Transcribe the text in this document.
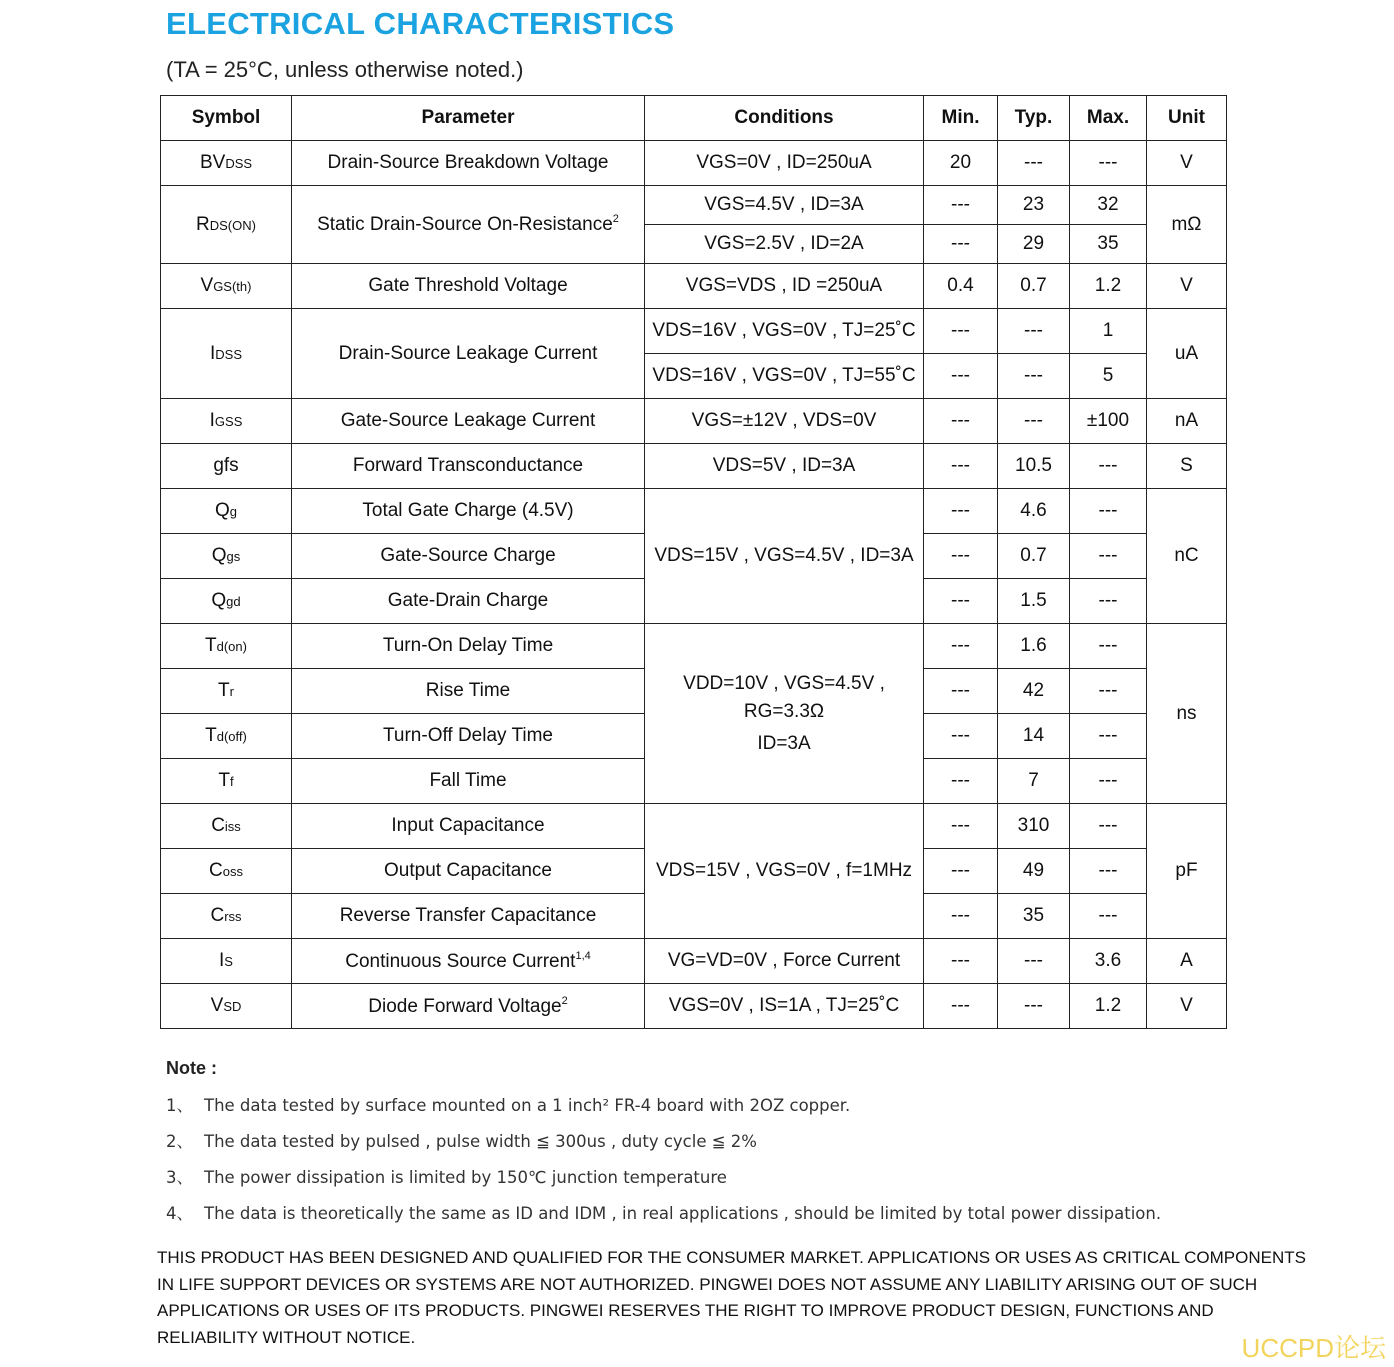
ELECTRICAL CHARACTERISTICS
(TA = 25°C, unless otherwise noted.)
Symbol	Parameter	Conditions	Min.	Typ.	Max.	Unit
BVDSS	Drain-Source Breakdown Voltage	VGS=0V , ID=250uA	20	---	---	V
RDS(ON)	Static Drain-Source On-Resistance$^2$	VGS=4.5V , ID=3A	---	23	32	mΩ
		VGS=2.5V , ID=2A	---	29	35	
VGS(th)	Gate Threshold Voltage	VGS=VDS , ID =250uA	0.4	0.7	1.2	V
IDSS	Drain-Source Leakage Current	VDS=16V , VGS=0V , TJ=25˚C	---	---	1	uA
		VDS=16V , VGS=0V , TJ=55˚C	---	---	5	
IGSS	Gate-Source Leakage Current	VGS=±12V , VDS=0V	---	---	±100	nA
gfs	Forward Transconductance	VDS=5V , ID=3A	---	10.5	---	S
Qg	Total Gate Charge (4.5V)	VDS=15V , VGS=4.5V , ID=3A	---	4.6	---	nC
Qgs	Gate-Source Charge		---	0.7	---	
Qgd	Gate-Drain Charge		---	1.5	---	
Td(on)	Turn-On Delay Time	VDD=10V , VGS=4.5V ,
RG=3.3Ω
ID=3A	---	1.6	---	ns
Tr	Rise Time		---	42	---	
Td(off)	Turn-Off Delay Time		---	14	---	
Tf	Fall Time		---	7	---	
Ciss	Input Capacitance	VDS=15V , VGS=0V , f=1MHz	---	310	---	pF
Coss	Output Capacitance		---	49	---	
Crss	Reverse Transfer Capacitance		---	35	---	
IS	Continuous Source Current$^{1,4}$	VG=VD=0V , Force Current	---	---	3.6	A
VSD	Diode Forward Voltage$^2$	VGS=0V , IS=1A , TJ=25˚C	---	---	1.2	V
Note :
1、 The data tested by surface mounted on a 1 inch² FR-4 board with 2OZ copper.
2、 The data tested by pulsed , pulse width ≦ 300us , duty cycle ≦ 2%
3、 The power dissipation is limited by 150℃ junction temperature
4、 The data is theoretically the same as ID and IDM , in real applications , should be limited by total power dissipation.
THIS PRODUCT HAS BEEN DESIGNED AND QUALIFIED FOR THE CONSUMER MARKET. APPLICATIONS OR USES AS CRITICAL COMPONENTS IN LIFE SUPPORT DEVICES OR SYSTEMS ARE NOT AUTHORIZED. PINGWEI DOES NOT ASSUME ANY LIABILITY ARISING OUT OF SUCH APPLICATIONS OR USES OF ITS PRODUCTS. PINGWEI RESERVES THE RIGHT TO IMPROVE PRODUCT DESIGN, FUNCTIONS AND RELIABILITY WITHOUT NOTICE.	UCCPD论坛
